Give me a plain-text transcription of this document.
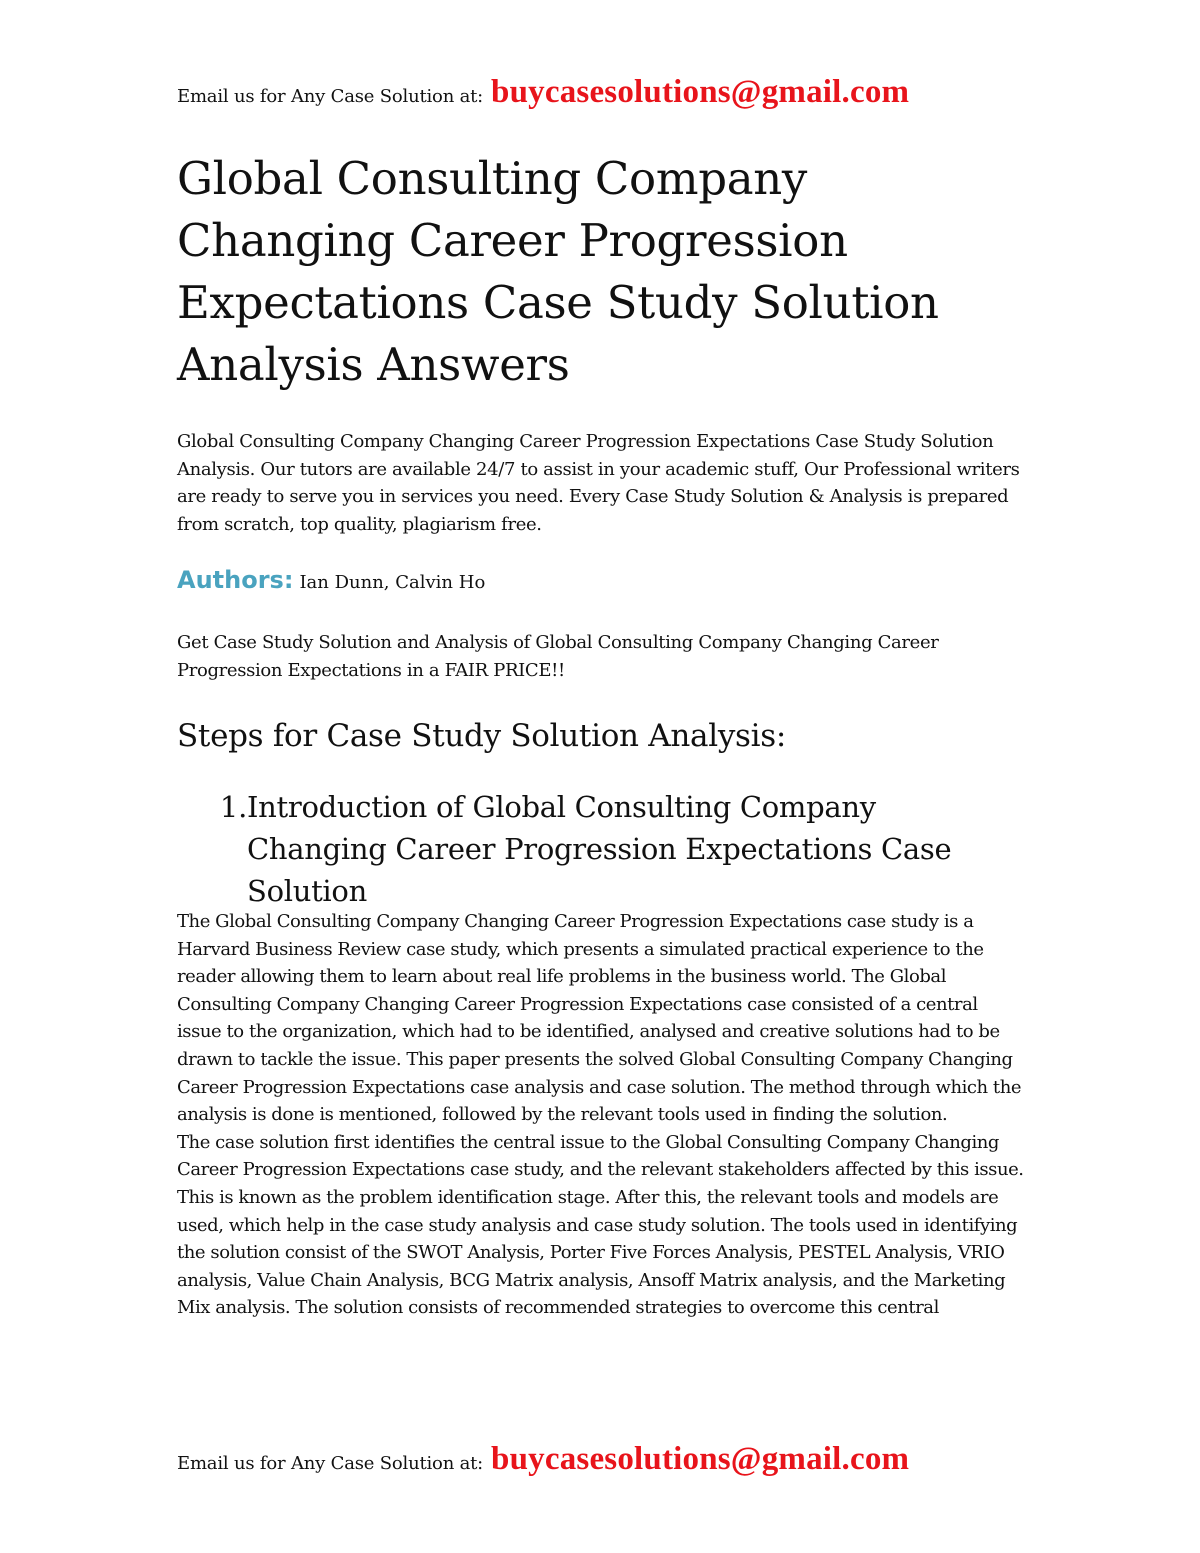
Email us for Any Case Solution at: buycasesolutions@gmail.com
Global Consulting Company Changing Career Progression Expectations Case Study Solution Analysis Answers

Global Consulting Company Changing Career Progression Expectations Case Study Solution Analysis. Our tutors are available 24/7 to assist in your academic stuff, Our Professional writers are ready to serve you in services you need. Every Case Study Solution & Analysis is prepared from scratch, top quality, plagiarism free.

Authors: Ian Dunn, Calvin Ho

Get Case Study Solution and Analysis of Global Consulting Company Changing Career Progression Expectations in a FAIR PRICE!!

Steps for Case Study Solution Analysis:
1. Introduction of Global Consulting Company Changing Career Progression Expectations Case Solution

The Global Consulting Company Changing Career Progression Expectations case study is a Harvard Business Review case study, which presents a simulated practical experience to the reader allowing them to learn about real life problems in the business world. The Global Consulting Company Changing Career Progression Expectations case consisted of a central issue to the organization, which had to be identified, analysed and creative solutions had to be drawn to tackle the issue. This paper presents the solved Global Consulting Company Changing Career Progression Expectations case analysis and case solution. The method through which the analysis is done is mentioned, followed by the relevant tools used in finding the solution.

The case solution first identifies the central issue to the Global Consulting Company Changing Career Progression Expectations case study, and the relevant stakeholders affected by this issue. This is known as the problem identification stage. After this, the relevant tools and models are used, which help in the case study analysis and case study solution. The tools used in identifying the solution consist of the SWOT Analysis, Porter Five Forces Analysis, PESTEL Analysis, VRIO analysis, Value Chain Analysis, BCG Matrix analysis, Ansoff Matrix analysis, and the Marketing Mix analysis. The solution consists of recommended strategies to overcome this central

Email us for Any Case Solution at: buycasesolutions@gmail.com
